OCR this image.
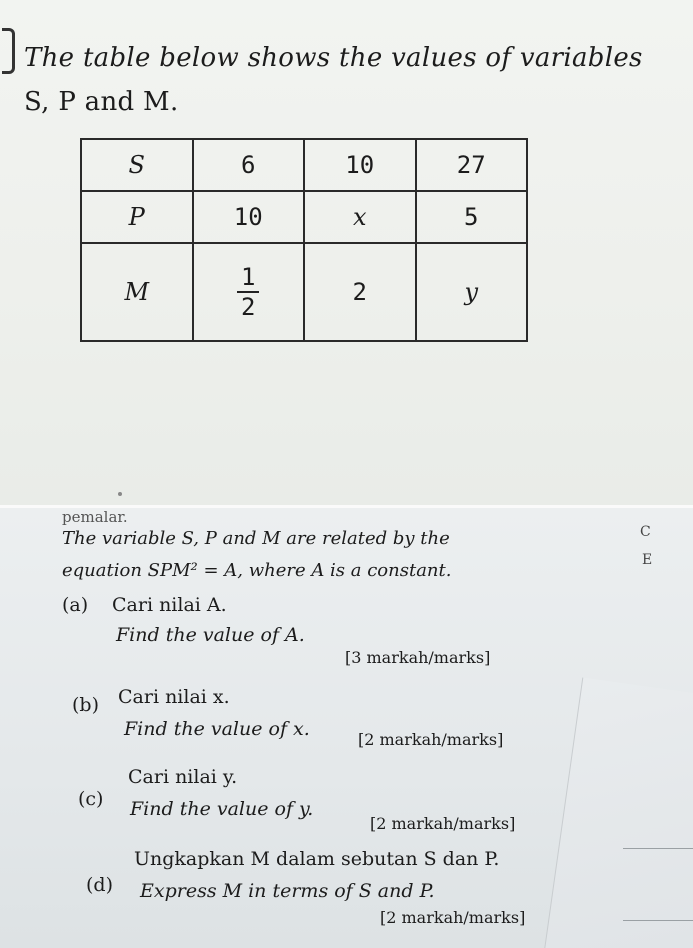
The table below shows the values of variables
S, P and M.
S	6	10	27
P	10	x	5
M	$\frac{1}{2}$	2	y
pemalar.
The variable S, P and M are related by the
equation SPM² = A, where A is a constant.
C
E
(a) Cari nilai A.
Find the value of A.
[3 markah/marks]
(b) Cari nilai x.
Find the value of x.	[2 markah/marks]
(c)
Cari nilai y.
Find the value of y.
[2 markah/marks]
(d)
Ungkapkan M dalam sebutan S dan P.
Express M in terms of S and P.
[2 markah/marks]
